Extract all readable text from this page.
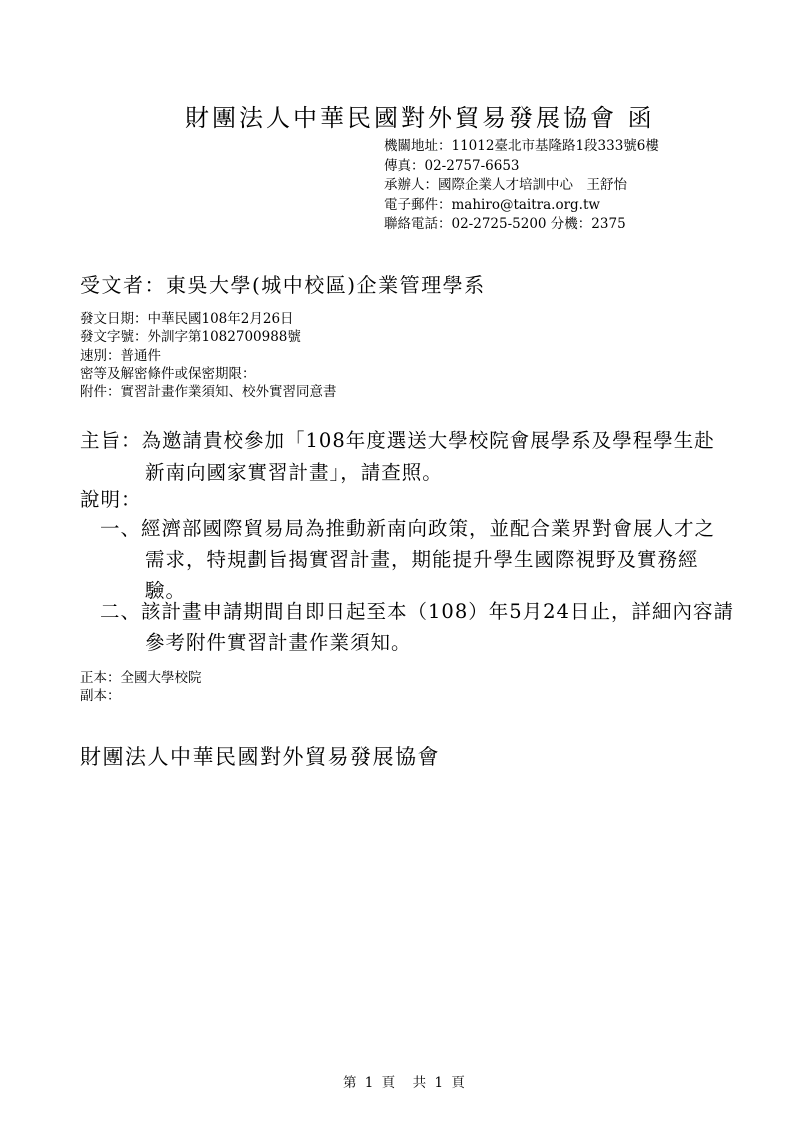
財團法人中華民國對外貿易發展協會 函
機關地址：11012臺北市基隆路1段333號6樓
傳真：02-2757-6653
承辦人：國際企業人才培訓中心　王舒怡
電子郵件：mahiro@taitra.org.tw
聯絡電話：02-2725-5200 分機：2375
受文者：東吳大學(城中校區)企業管理學系
發文日期：中華民國108年2月26日
發文字號：外訓字第1082700988號
速別：普通件
密等及解密條件或保密期限：
附件：實習計畫作業須知、校外實習同意書
主旨：為邀請貴校參加「108年度選送大學校院會展學系及學程學生赴
新南向國家實習計畫」，請查照。
說明：
一、經濟部國際貿易局為推動新南向政策，並配合業界對會展人才之
需求，特規劃旨揭實習計畫，期能提升學生國際視野及實務經
驗。
二、該計畫申請期間自即日起至本（108）年5月24日止，詳細內容請
參考附件實習計畫作業須知。
正本：全國大學校院
副本：
財團法人中華民國對外貿易發展協會
第 1 頁　共 1 頁
